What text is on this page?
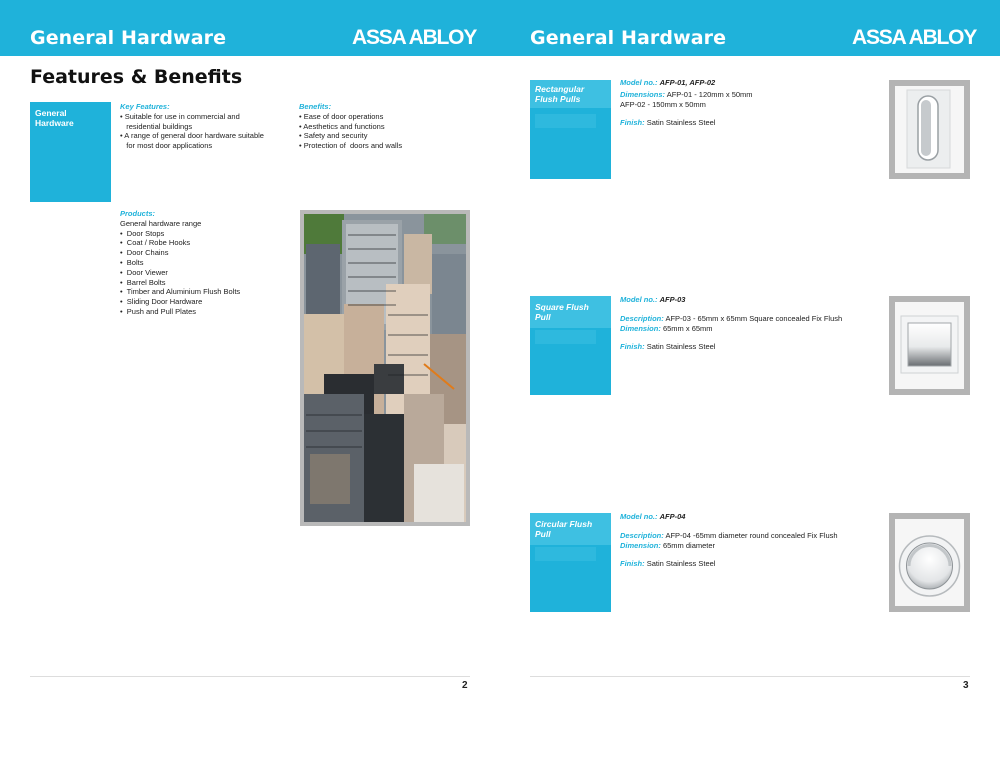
General Hardware	ASSA ABLOY	General Hardware	ASSA ABLOY
Features & Benefits
General Hardware
Key Features:
• Suitable for use in commercial and
residential buildings
• A range of general door hardware suitable
for most door applications
Benefits:
• Ease of door operations
• Aesthetics and functions
• Safety and security
• Protection of  doors and walls
Products:
General hardware range
•  Door Stops
•  Coat / Robe Hooks
•  Door Chains
•  Bolts
•  Door Viewer
•  Barrel Bolts
•  Timber and Aluminium Flush Bolts
•  Sliding Door Hardware
•  Push and Pull Plates
2
Rectangular Flush Pulls
Model no.: AFP-01, AFP-02
Dimensions: AFP-01 - 120mm x 50mm
AFP-02 - 150mm x 50mm
Finish: Satin Stainless Steel
Square Flush Pull
Model no.: AFP-03
Description: AFP-03 - 65mm x 65mm Square concealed Fix Flush
Dimension: 65mm x 65mm
Finish: Satin Stainless Steel
Circular Flush Pull
Model no.: AFP-04
Description: AFP-04 -65mm diameter round concealed Fix Flush
Dimension: 65mm diameter
Finish: Satin Stainless Steel
3
